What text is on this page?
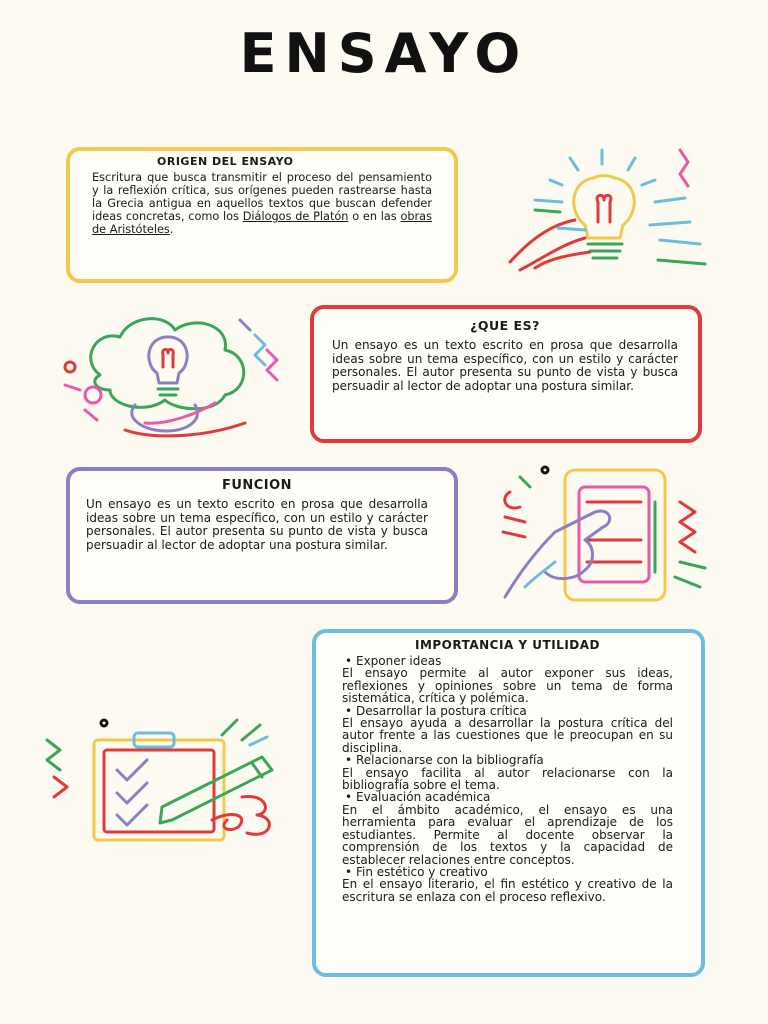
ENSAYO
ORIGEN DEL ENSAYO

Escritura que busca transmitir el proceso del pensamiento y la reflexión crítica, sus orígenes pueden rastrearse hasta la Grecia antigua en aquellos textos que buscan defender ideas concretas, como los Diálogos de Platón o en las obras de Aristóteles.

¿QUE ES?

Un ensayo es un texto escrito en prosa que desarrolla ideas sobre un tema específico, con un estilo y carácter personales. El autor presenta su punto de vista y busca persuadir al lector de adoptar una postura similar.

FUNCION

Un ensayo es un texto escrito en prosa que desarrolla ideas sobre un tema específico, con un estilo y carácter personales. El autor presenta su punto de vista y busca persuadir al lector de adoptar una postura similar.

IMPORTANCIA Y UTILIDAD
• Exponer ideas

El ensayo permite al autor exponer sus ideas, reflexiones y opiniones sobre un tema de forma sistemática, crítica y polémica.

• Desarrollar la postura crítica

El ensayo ayuda a desarrollar la postura crítica del autor frente a las cuestiones que le preocupan en su disciplina.

• Relacionarse con la bibliografía

El ensayo facilita al autor relacionarse con la bibliografía sobre el tema.

• Evaluación académica

En el ámbito académico, el ensayo es una herramienta para evaluar el aprendizaje de los estudiantes. Permite al docente observar la comprensión de los textos y la capacidad de establecer relaciones entre conceptos.

• Fin estético y creativo

En el ensayo literario, el fin estético y creativo de la escritura se enlaza con el proceso reflexivo.
